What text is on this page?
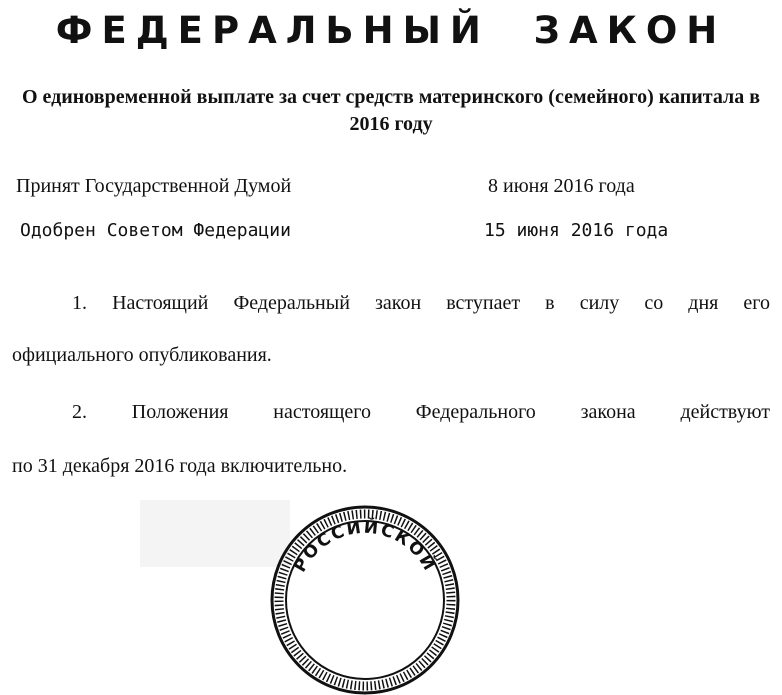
ФЕДЕРАЛЬНЫЙ  ЗАКОН
О единовременной выплате за счет средств материнского (семейного) капитала в 2016 году
Принят Государственной Думой	8 июня 2016 года
Одобрен Советом Федерации	15 июня 2016 года
1. Настоящий Федеральный закон вступает в силу со дня его
официального опубликования.
2. Положения настоящего Федерального закона действуют
по 31 декабря 2016 года включительно.
РОССИЙСКОЙ
